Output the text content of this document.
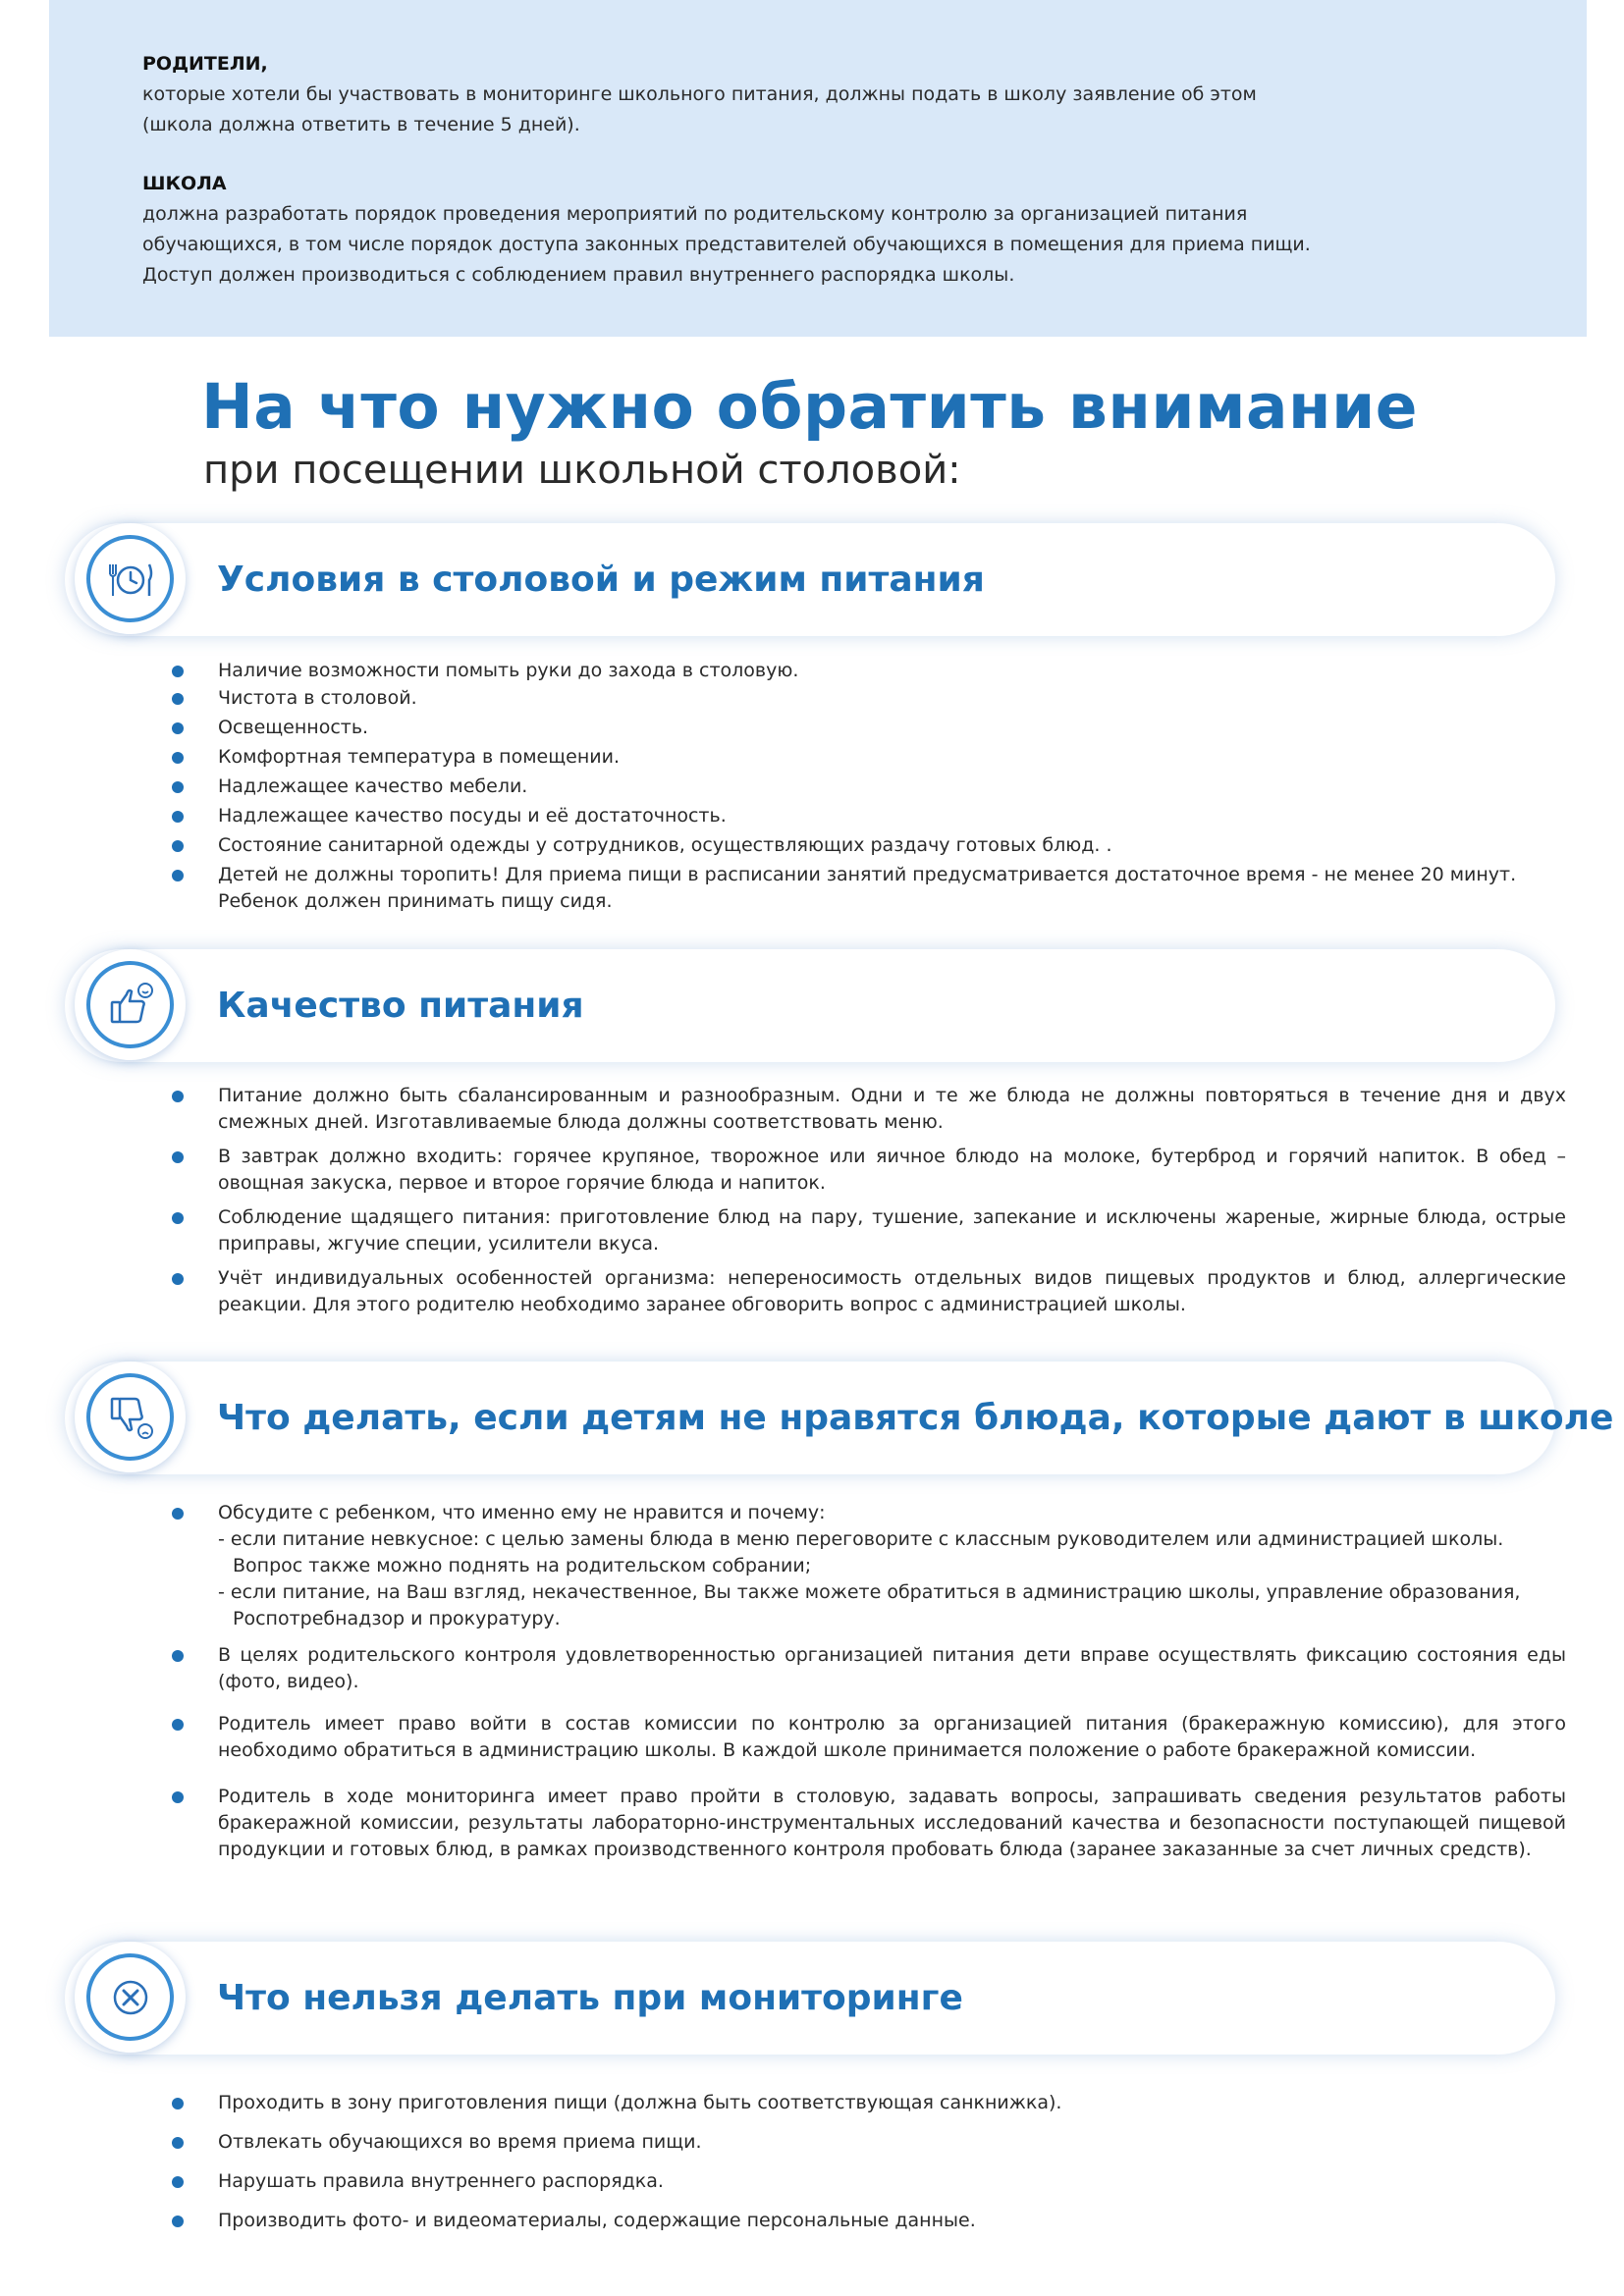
РОДИТЕЛИ,
которые хотели бы участвовать в мониторинге школьного питания, должны подать в школу заявление об этом
(школа должна ответить в течение 5 дней).
ШКОЛА
должна разработать порядок проведения мероприятий по родительскому контролю за организацией питания
обучающихся, в том числе порядок доступа законных представителей обучающихся в помещения для приема пищи.
Доступ должен производиться с соблюдением правил внутреннего распорядка школы.
На что нужно обратить внимание
при посещении школьной столовой:
Условия в столовой и режим питания
Наличие возможности помыть руки до захода в столовую.
Чистота в столовой.
Освещенность.
Комфортная температура в помещении.
Надлежащее качество мебели.
Надлежащее качество посуды и её достаточность.
Состояние санитарной одежды у сотрудников, осуществляющих раздачу готовых блюд. .
Детей не должны торопить! Для приема пищи в расписании занятий предусматривается достаточное время - не менее 20 минут.
Ребенок должен принимать пищу сидя.
Качество питания
Питание должно быть сбалансированным и разнообразным. Одни и те же блюда не должны повторяться в течение дня и двух смежных дней. Изготавливаемые блюда должны соответствовать меню.
В завтрак должно входить: горячее крупяное, творожное или яичное блюдо на молоке, бутерброд и горячий напиток. В обед – овощная закуска, первое и второе горячие блюда и напиток.
Соблюдение щадящего питания: приготовление блюд на пару, тушение, запекание и исключены жареные, жирные блюда, острые приправы, жгучие специи, усилители вкуса.
Учёт индивидуальных особенностей организма: непереносимость отдельных видов пищевых продуктов и блюд, аллергические реакции. Для этого родителю необходимо заранее обговорить вопрос с администрацией школы.
Что делать, если детям не нравятся блюда, которые дают в школе
Обсудите с ребенком, что именно ему не нравится и почему:
- если питание невкусное: с целью замены блюда в меню переговорите с классным руководителем или администрацией школы.
Вопрос также можно поднять на родительском собрании;
- если питание, на Ваш взгляд, некачественное, Вы также можете обратиться в администрацию школы, управление образования,
Роспотребнадзор и прокуратуру.
В целях родительского контроля удовлетворенностью организацией питания дети вправе осуществлять фиксацию состояния еды (фото, видео).
Родитель имеет право войти в состав комиссии по контролю за организацией питания (бракеражную комиссию), для этого необходимо обратиться в администрацию школы. В каждой школе принимается положение о работе бракеражной комиссии.
Родитель в ходе мониторинга имеет право пройти в столовую, задавать вопросы, запрашивать сведения результатов работы бракеражной комиссии, результаты лабораторно-инструментальных исследований качества и безопасности поступающей пищевой продукции и готовых блюд, в рамках производственного контроля пробовать блюда (заранее заказанные за счет личных средств).
Что нельзя делать при мониторинге
Проходить в зону приготовления пищи (должна быть соответствующая санкнижка).
Отвлекать обучающихся во время приема пищи.
Нарушать правила внутреннего распорядка.
Производить фото- и видеоматериалы, содержащие персональные данные.
